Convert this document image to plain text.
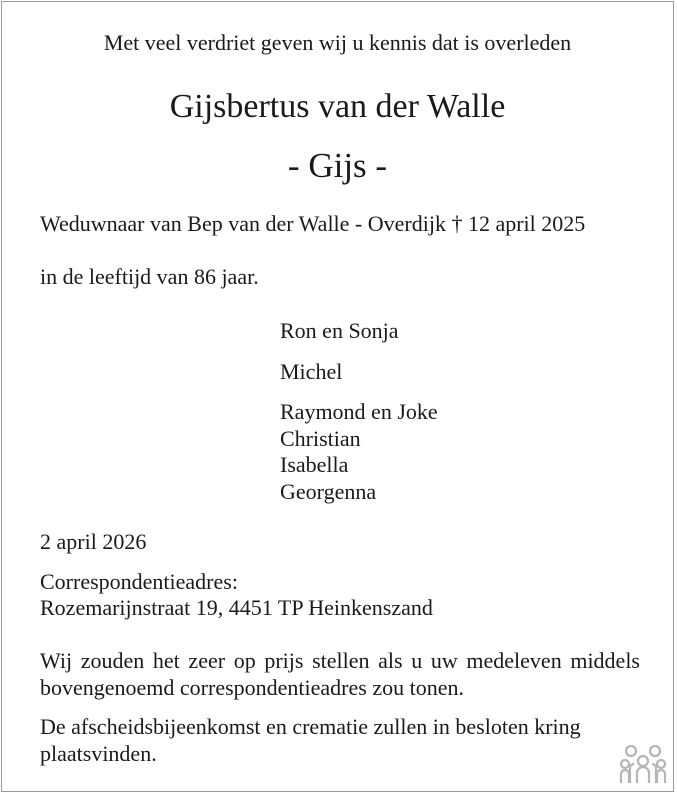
Met veel verdriet geven wij u kennis dat is overleden
Gijsbertus van der Walle
- Gijs -
Weduwnaar van Bep van der Walle - Overdijk † 12 april 2025
in de leeftijd van 86 jaar.
Ron en Sonja
Michel
Raymond en Joke
Christian
Isabella
Georgenna
2 april 2026
Correspondentieadres:
Rozemarijnstraat 19, 4451 TP Heinkenszand
Wij zouden het zeer op prijs stellen als u uw medeleven middels bovengenoemd correspondentieadres zou tonen.
De afscheidsbijeenkomst en crematie zullen in besloten kring plaatsvinden.
